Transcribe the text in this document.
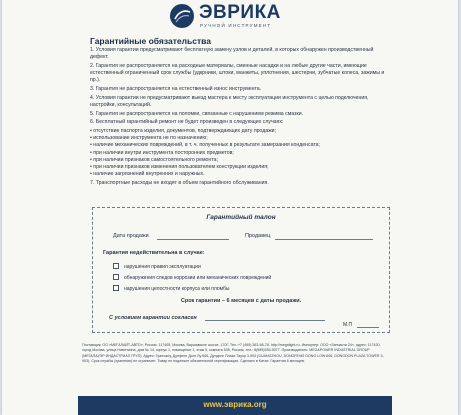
ЭВРИКА
РУЧНОЙ ИНСТРУМЕНТ
Гарантийные обязательства

1. Условия гарантии предусматривают бесплатную замену узлов и деталей, в которых обнаружен производственный дефект.

2. Гарантия не распространяется на расходные материалы, сменные насадки и на любые другие части, имеющие естественный ограниченный срок службы (удкрники, штоки, манжеты, уплотнения, шестерни, зубчатые колеса, зажимы и пр.).

3. Гарантия не распространяется на естественный износ инструмента.

4. Условия гарантии не предусматривают выезд мастера к месту эксплуатации инструмента с целью подключения, настройки, консультаций.

5. Гарантия не распространяется на поломки, связанные с нарушением режима смазки.

6. Бесплатный гарантийный ремонт не будет произведен в следующих случаях:

• отсутствие паспорта изделия, документов, подтверждающих дату продажи;
• использование инструмента не по назначению;
• наличие механических повреждений, в т. ч. полученных в результате замерзания конденсата;
• при наличии внутри инструмента посторонних предметов;
• при наличии признаков самостоятельного ремонта;
• при наличии признаков изменения пользователем конструкции изделия;
• наличие загрязнений внутренних и наружных.

7. Транспортные расходы не входят в объем гарантийного обслуживания.

Гарантийный талон
Дата продажи	Продавец
Гарантия недействительна в случае:
нарушения правил эксплуатации
обнаружения следов коррозии или механических повреждений
нарушения целостности корпуса или пломбы
Срок гарантии – 6 месяцев с даты продажи.
С условием гарантии согласен
М.П
Поставщик: ОО «МЕГАЛАЙТ-АВТО», Россия, 117405, Москва, Варшавское шоссе, 170Г. Тел.:+7 (495) 363-66-78. http://megalight.ru. Импортер: ООО «Запчасти 24», адрес: 117420, город Москва, улица Наметкина, дом № 14, корпус 1, помещение 1, этаж 5, комната 505, Россия, тел.: 8(985)535-9077. Производитель: MEGAPOWER INDUSTRIAL GROUP (МЕГАПАУЭР ИНДАСТРИАЛ ГРУП). Адрес: Гуанчжоу, Дунфенг Донг Лу 606, Дундонг Плаза Тауэр 3-903 (GUANGZHOU, DONGFENG DONG LOW 606, DONGDON PLAZA TOWER 3-903). Срок службы (хранения) не ограничен. Товар не подлежит обязательной сертификации. Сделано в Китае. Гарантия 6 месяцев.
www.эврика.org
